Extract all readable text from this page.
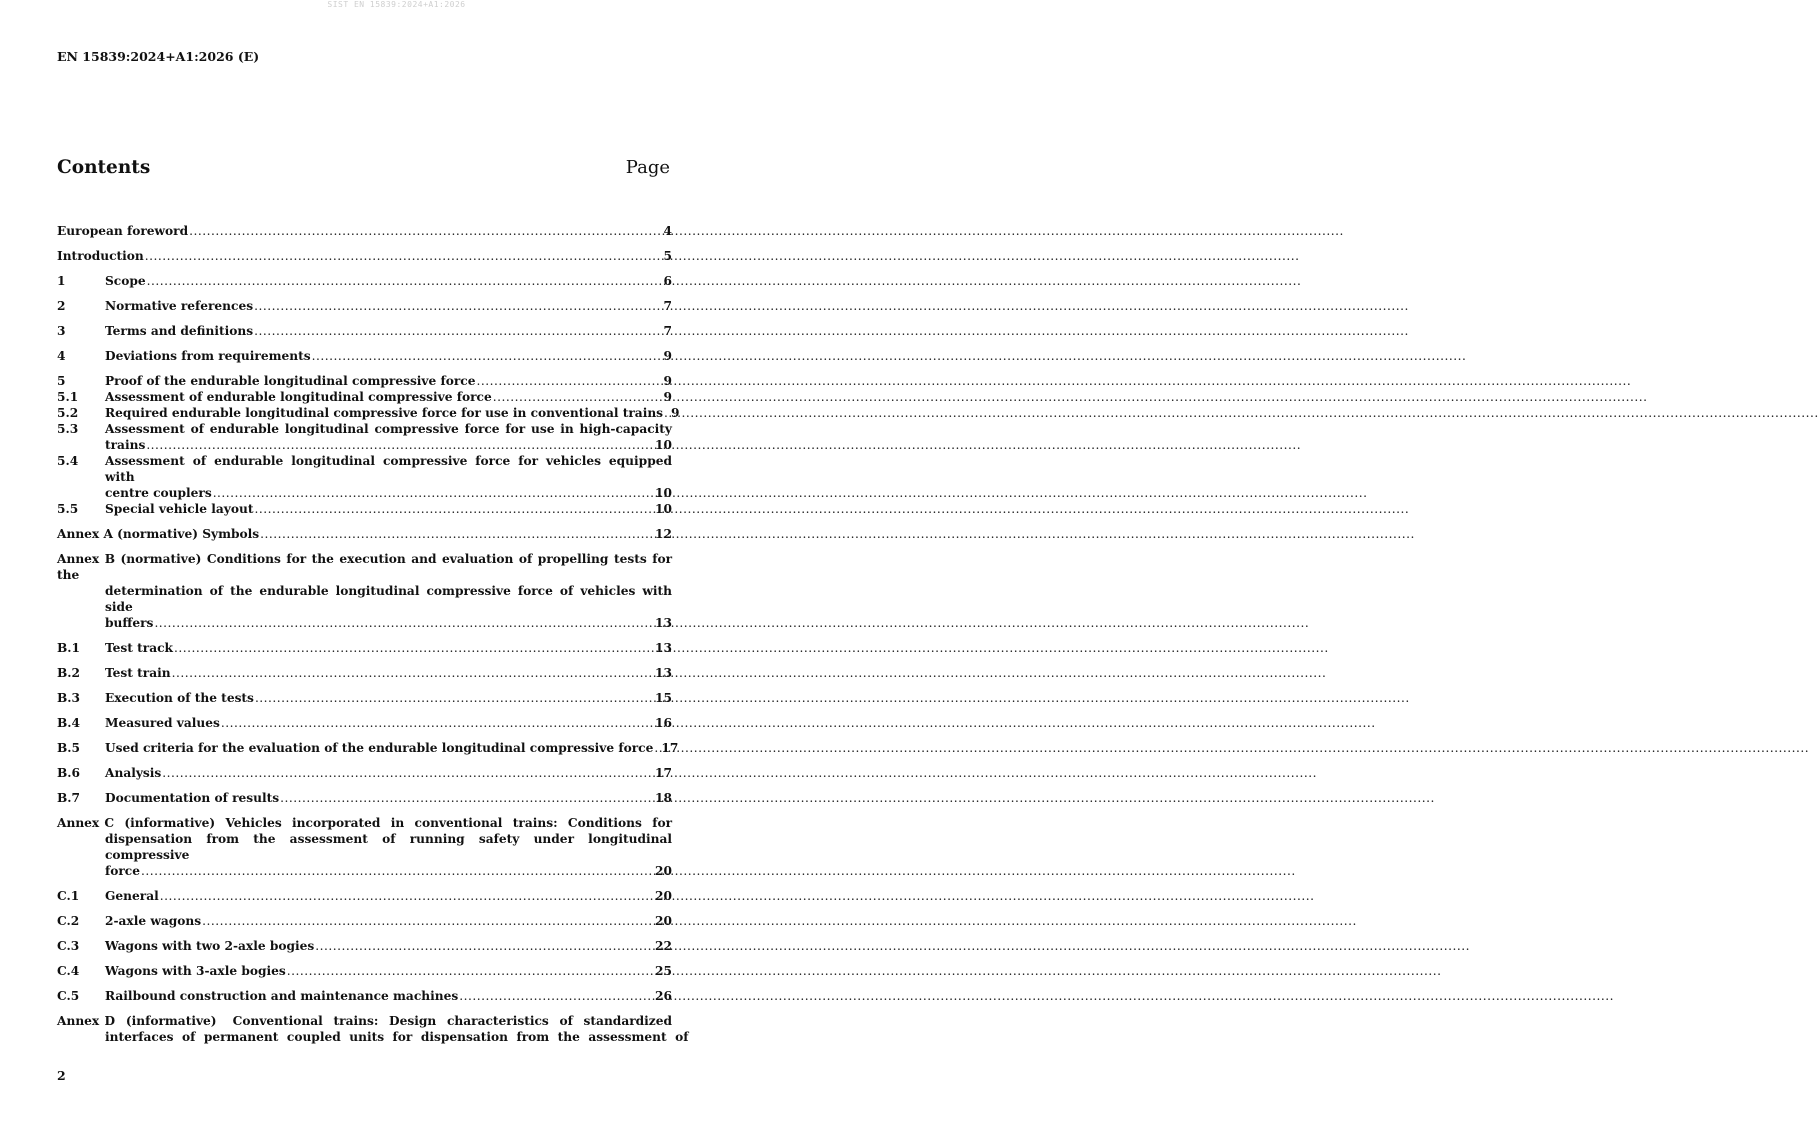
SIST EN 15839:2024+A1:2026
EN 15839:2024+A1:2026 (E)
Contents	Page
European foreword .....	4
Introduction .....	5
1	Scope .....	6
2	Normative references .....	7
3	Terms and definitions .....	7
4	Deviations from requirements .....	9
5	Proof of the endurable longitudinal compressive force .....	9
5.1	Assessment of endurable longitudinal compressive force .....	9
5.2	Required endurable longitudinal compressive force for use in conventional trains ..... 9
5.3	Assessment of endurable longitudinal compressive force for use in high-capacity
trains .....	10
5.4	Assessment of endurable longitudinal compressive force for vehicles equipped with
centre couplers .....	10
5.5	Special vehicle layout .....	10
Annex A (normative) Symbols .....	12
Annex B (normative) Conditions for the execution and evaluation of propelling tests for the
determination of the endurable longitudinal compressive force of vehicles with side
buffers .....	13
B.1	Test track .....	13
B.2	Test train .....	13
B.3	Execution of the tests .....	15
B.4	Measured values .....	16
B.5	Used criteria for the evaluation of the endurable longitudinal compressive force ..... 17
B.6	Analysis .....	17
B.7	Documentation of results .....	18
Annex C  (informative)  Vehicles  incorporated  in  conventional  trains:  Conditions  for
dispensation from the assessment of running safety under longitudinal compressive
force .....	20
C.1	General .....	20
C.2	2-axle wagons .....	20
C.3	Wagons with two 2-axle bogies .....	22
C.4	Wagons with 3-axle bogies .....	25
C.5	Railbound construction and maintenance machines .....	26
Annex D  (informative)   Conventional  trains:  Design  characteristics  of  standardized
interfaces  of  permanent  coupled  units  for  dispensation  from  the  assessment  of
2
